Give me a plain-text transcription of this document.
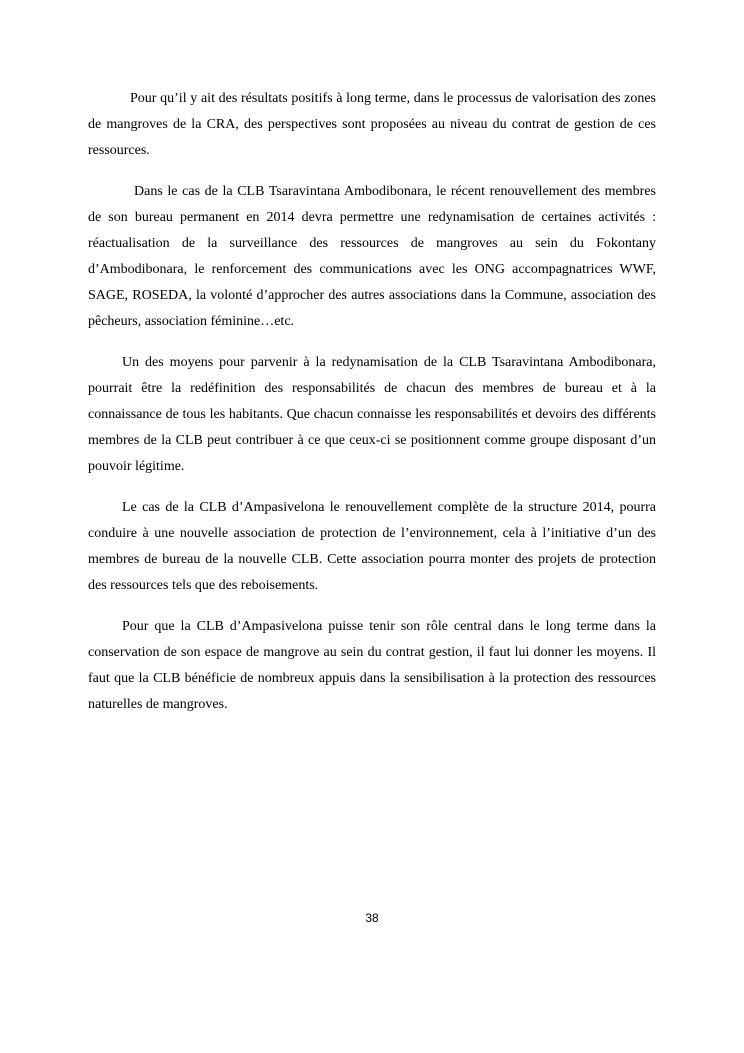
Pour qu’il y ait des résultats positifs à long terme, dans le processus de valorisation des zones de mangroves de la CRA, des perspectives sont proposées au niveau du contrat de gestion de ces ressources.

Dans le cas de la CLB Tsaravintana Ambodibonara, le récent renouvellement des membres de son bureau permanent en 2014 devra permettre une redynamisation de certaines activités : réactualisation de la surveillance des ressources de mangroves au sein du Fokontany d’Ambodibonara, le renforcement des communications avec les ONG accompagnatrices WWF, SAGE, ROSEDA, la volonté d’approcher des autres associations dans la Commune, association des pêcheurs, association féminine…etc.

Un des moyens pour parvenir à la redynamisation de la CLB Tsaravintana Ambodibonara, pourrait être la redéfinition des responsabilités de chacun des membres de bureau et à la connaissance de tous les habitants. Que chacun connaisse les responsabilités et devoirs des différents membres de la CLB peut contribuer à ce que ceux-ci se positionnent comme groupe disposant d’un pouvoir légitime.

Le cas de la CLB d’Ampasivelona le renouvellement complète de la structure 2014, pourra conduire à une nouvelle association de protection de l’environnement, cela à l’initiative d’un des membres de bureau de la nouvelle CLB. Cette association pourra monter des projets de protection des ressources tels que des reboisements.

Pour que la CLB d’Ampasivelona puisse tenir son rôle central dans le long terme dans la conservation de son espace de mangrove au sein du contrat gestion, il faut lui donner les moyens. Il faut que la CLB bénéficie de nombreux appuis dans la sensibilisation à la protection des ressources naturelles de mangroves.

38
